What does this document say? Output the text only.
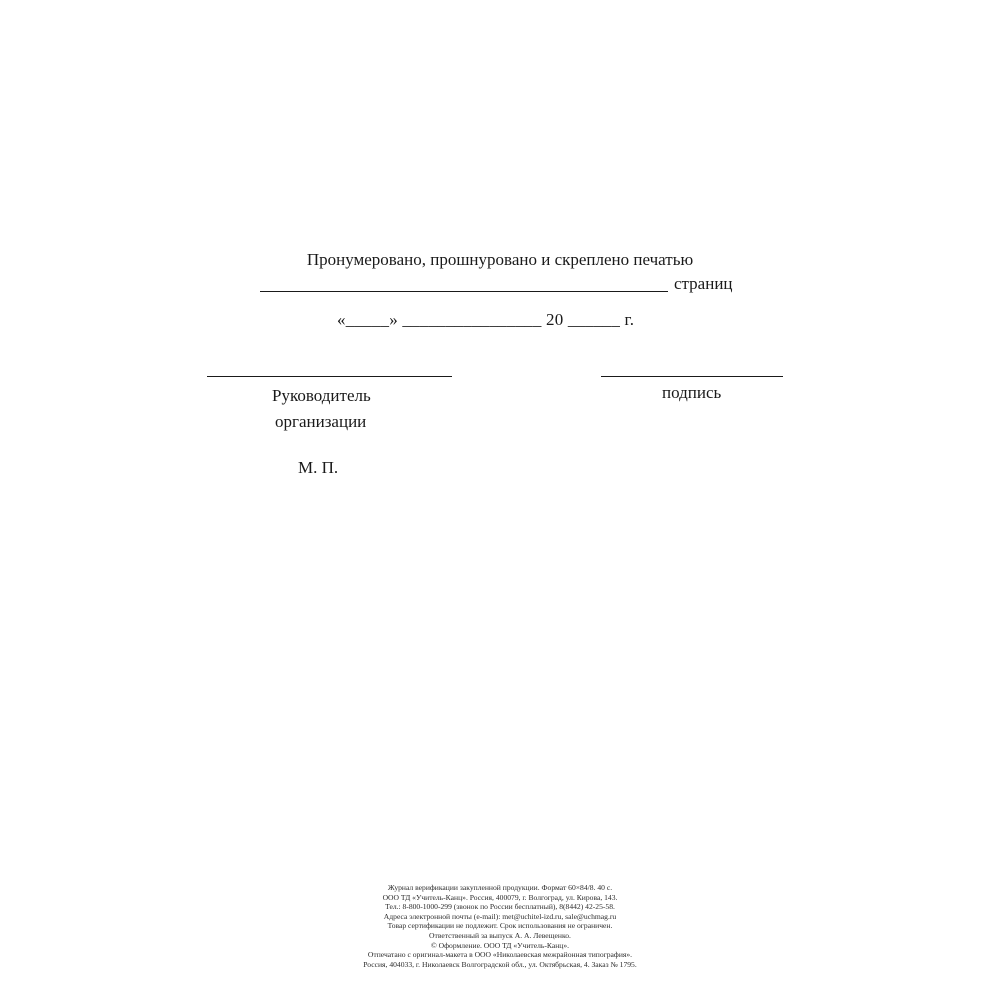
Пронумеровано, прошнуровано и скреплено печатью
страниц
«_____» ________________ 20 ______ г.
Руководитель
организации
подпись
М. П.
Журнал верификации закупленной продукции. Формат 60×84/8. 40 с.
ООО ТД «Учитель-Канц». Россия, 400079, г. Волгоград, ул. Кирова, 143.
Тел.: 8-800-1000-299 (звонок по России бесплатный), 8(8442) 42-25-58.
Адреса электронной почты (e-mail): met@uchitel-izd.ru, sale@uchmag.ru
Товар сертификации не подлежит. Срок использования не ограничен.
Ответственный за выпуск А. А. Левещенко.
© Оформление. ООО ТД «Учитель-Канц».
Отпечатано с оригинал-макета в ООО «Николаевская межрайонная типография».
Россия, 404033, г. Николаевск Волгоградской обл., ул. Октябрьская, 4. Заказ № 1795.
